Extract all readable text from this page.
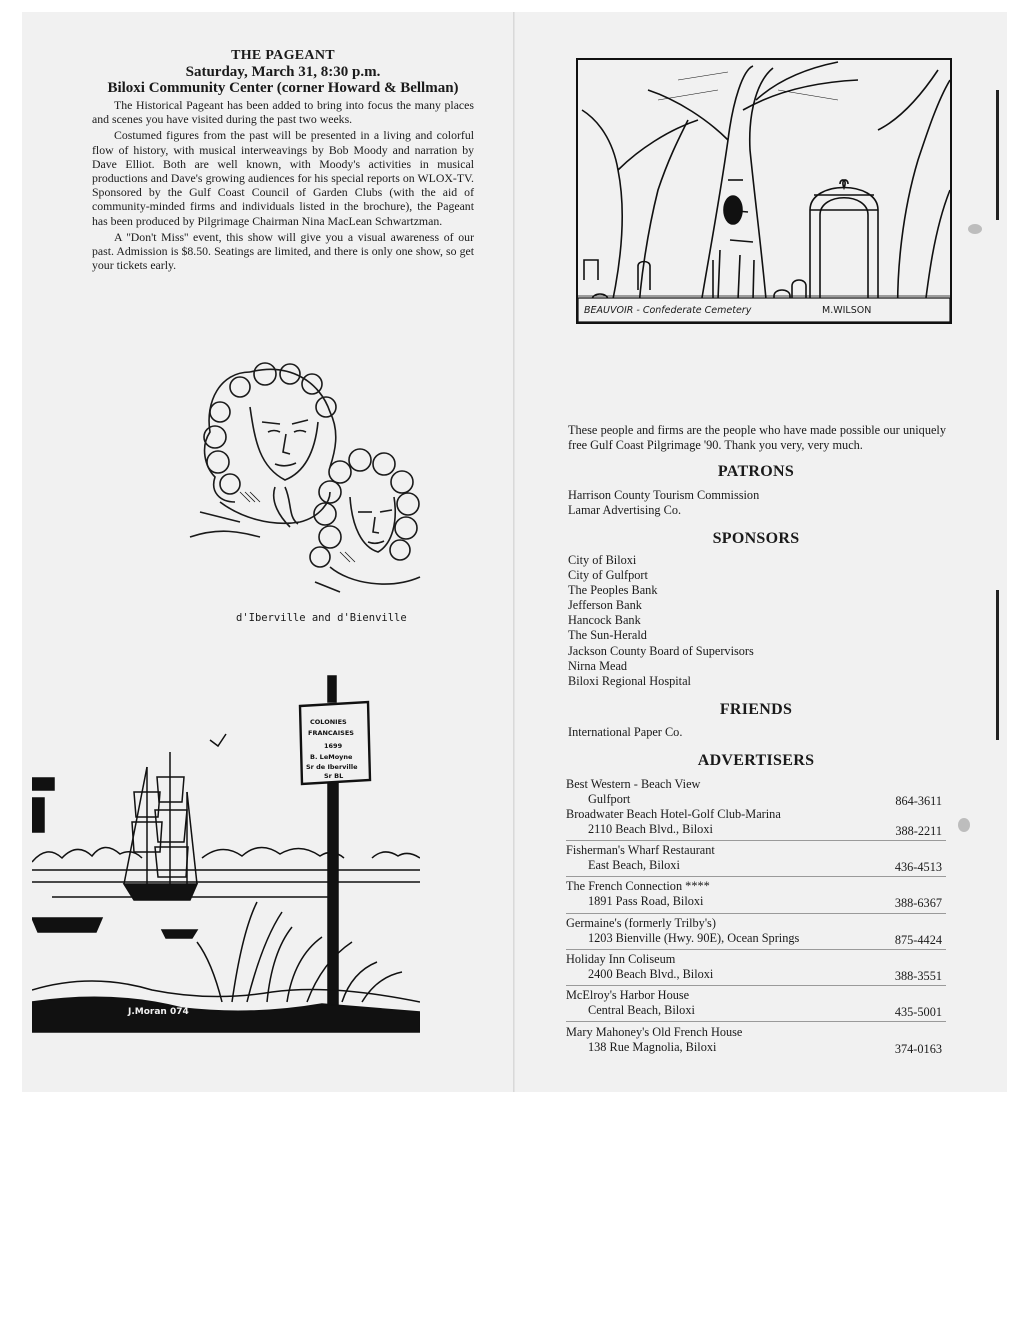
THE PAGEANT

Saturday, March 31, 8:30 p.m.

Biloxi Community Center (corner Howard & Bellman)

The Historical Pageant has been added to bring into focus the many places and scenes you have visited during the past two weeks.

Costumed figures from the past will be presented in a living and colorful flow of history, with musical interweavings by Bob Moody and narration by Dave Elliot. Both are well known, with Moody's activities in musical productions and Dave's growing audiences for his special reports on WLOX-TV. Sponsored by the Gulf Coast Council of Garden Clubs (with the aid of community-minded firms and individuals listed in the brochure), the Pageant has been produced by Pilgrimage Chairman Nina MacLean Schwartzman.

A ''Don't Miss'' event, this show will give you a visual awareness of our past. Admission is $8.50. Seatings are limited, and there is only one show, so get your tickets early.

d'Iberville and d'Bienville
COLONIES
FRANCAISES
1699
B. LeMoyne
Sr de Iberville
Sr BL
J.Moran 074
BEAUVOIR - Confederate Cemetery	M.WILSON

These people and firms are the people who have made possible our uniquely free Gulf Coast Pilgrimage '90. Thank you very, very much.

PATRONS

Harrison County Tourism Commission
Lamar Advertising Co.

SPONSORS

City of Biloxi
City of Gulfport
The Peoples Bank
Jefferson Bank
Hancock Bank
The Sun-Herald
Jackson County Board of Supervisors
Nirna Mead
Biloxi Regional Hospital

FRIENDS

International Paper Co.

ADVERTISERS

Best Western - Beach View
Gulfport	864-3611
Broadwater Beach Hotel-Golf Club-Marina
2110 Beach Blvd., Biloxi	388-2211
Fisherman's Wharf Restaurant
East Beach, Biloxi	436-4513
The French Connection ****
1891 Pass Road, Biloxi	388-6367
Germaine's (formerly Trilby's)
1203 Bienville (Hwy. 90E), Ocean Springs	875-4424
Holiday Inn Coliseum
2400 Beach Blvd., Biloxi	388-3551
McElroy's Harbor House
Central Beach, Biloxi	435-5001
Mary Mahoney's Old French House
138 Rue Magnolia, Biloxi	374-0163
